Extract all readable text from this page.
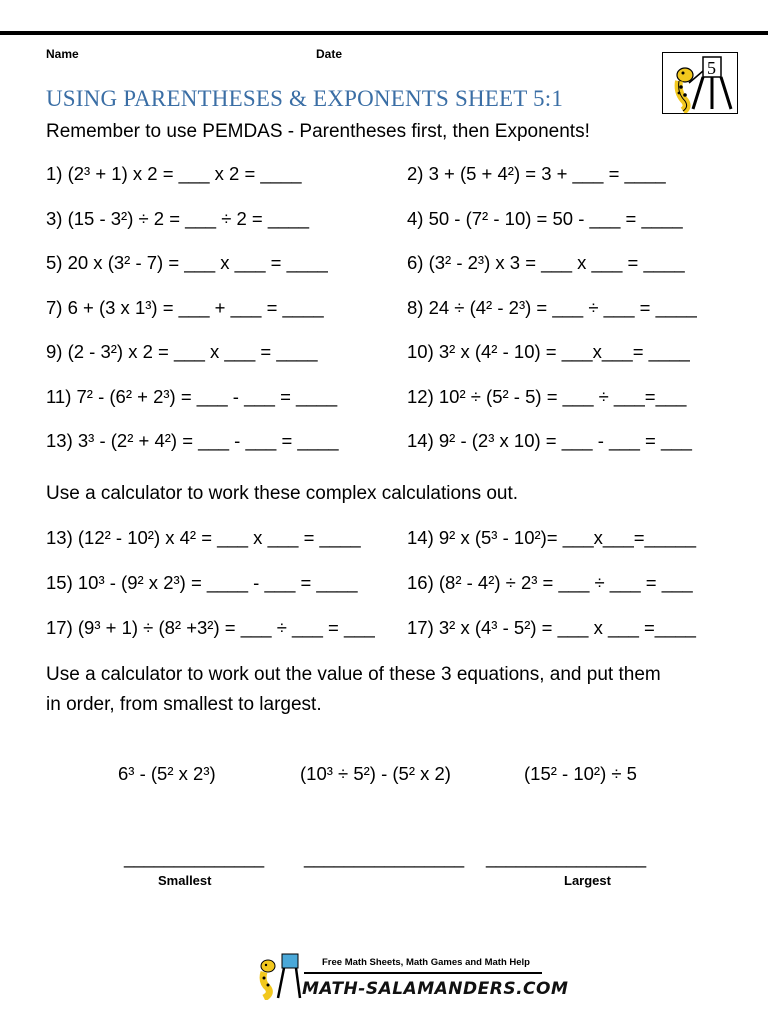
Name	Date
USING PARENTHESES & EXPONENTS SHEET 5:1
5
Remember to use PEMDAS - Parentheses first, then Exponents!
1) (2³ + 1) x 2 = ___ x 2 = ____	2) 3 + (5 + 4²) = 3 + ___ = ____
3) (15 - 3²) ÷ 2 = ___ ÷ 2 = ____	4) 50 - (7² - 10) = 50 - ___ = ____
5) 20 x (3² - 7) = ___ x ___ = ____	6) (3² - 2³) x 3 = ___ x ___ = ____
7) 6 + (3 x 1³) = ___ + ___ = ____	8) 24 ÷ (4² - 2³) = ___ ÷ ___ = ____
9) (2 - 3²) x 2 = ___ x ___ = ____	10) 3² x (4² - 10) = ___x___= ____
11) 7² - (6² + 2³) = ___ - ___ = ____	12) 10² ÷ (5² - 5) = ___ ÷ ___=___
13) 3³ - (2² + 4²) = ___ - ___ = ____	14) 9² - (2³ x 10) = ___ - ___ = ___
Use a calculator to work these complex calculations out.
13) (12² - 10²) x 4² = ___ x ___ = ____	14) 9² x (5³ - 10²)= ___x___=_____
15) 10³ - (9² x 2³) = ____ - ___ = ____	16) (8² - 4²) ÷ 2³ = ___ ÷ ___ = ___
17) (9³ + 1) ÷ (8² +3²) = ___ ÷ ___ = ___ 17) 3² x (4³ - 5²) = ___ x ___ =____
Use a calculator to work out the value of these 3 equations, and put them
in order, from smallest to largest.
6³ - (5² x 2³)	(10³ ÷ 5²) - (5² x 2)	(15² - 10²) ÷ 5
______________ ________________ ________________
Smallest	Largest
Free Math Sheets, Math Games and Math Help
MATH-SALAMANDERS.COM
